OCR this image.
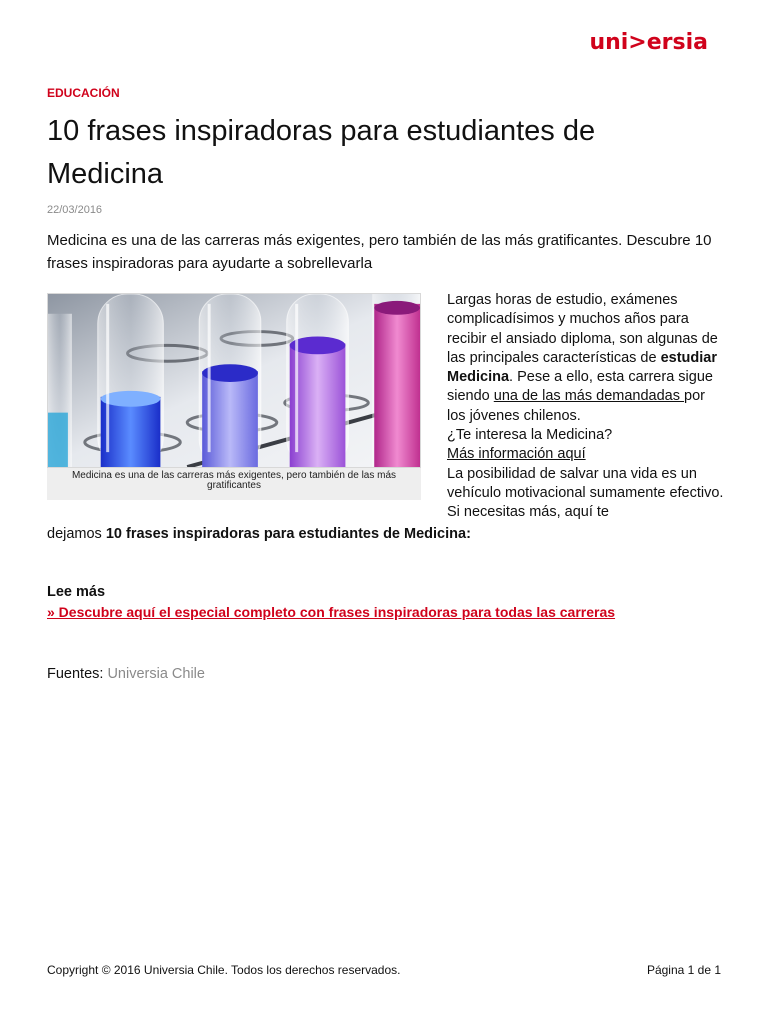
uni>ersia
EDUCACIÓN
10 frases inspiradoras para estudiantes de Medicina
22/03/2016
Medicina es una de las carreras más exigentes, pero también de las más gratificantes. Descubre 10 frases inspiradoras para ayudarte a sobrellevarla
Medicina es una de las carreras más exigentes, pero también de las más gratificantes

Largas horas de estudio, exámenes complicadísimos y muchos años para recibir el ansiado diploma, son algunas de las principales características de estudiar Medicina. Pese a ello, esta carrera sigue siendo una de las más demandadas por los jóvenes chilenos.

¿Te interesa la Medicina?

Más información aquí

La posibilidad de salvar una vida es un vehículo motivacional sumamente efectivo. Si necesitas más, aquí te

dejamos 10 frases inspiradoras para estudiantes de Medicina:
Lee más
» Descubre aquí el especial completo con frases inspiradoras para todas las carreras
Fuentes: Universia Chile
Copyright © 2016 Universia Chile. Todos los derechos reservados.	Página 1 de 1
